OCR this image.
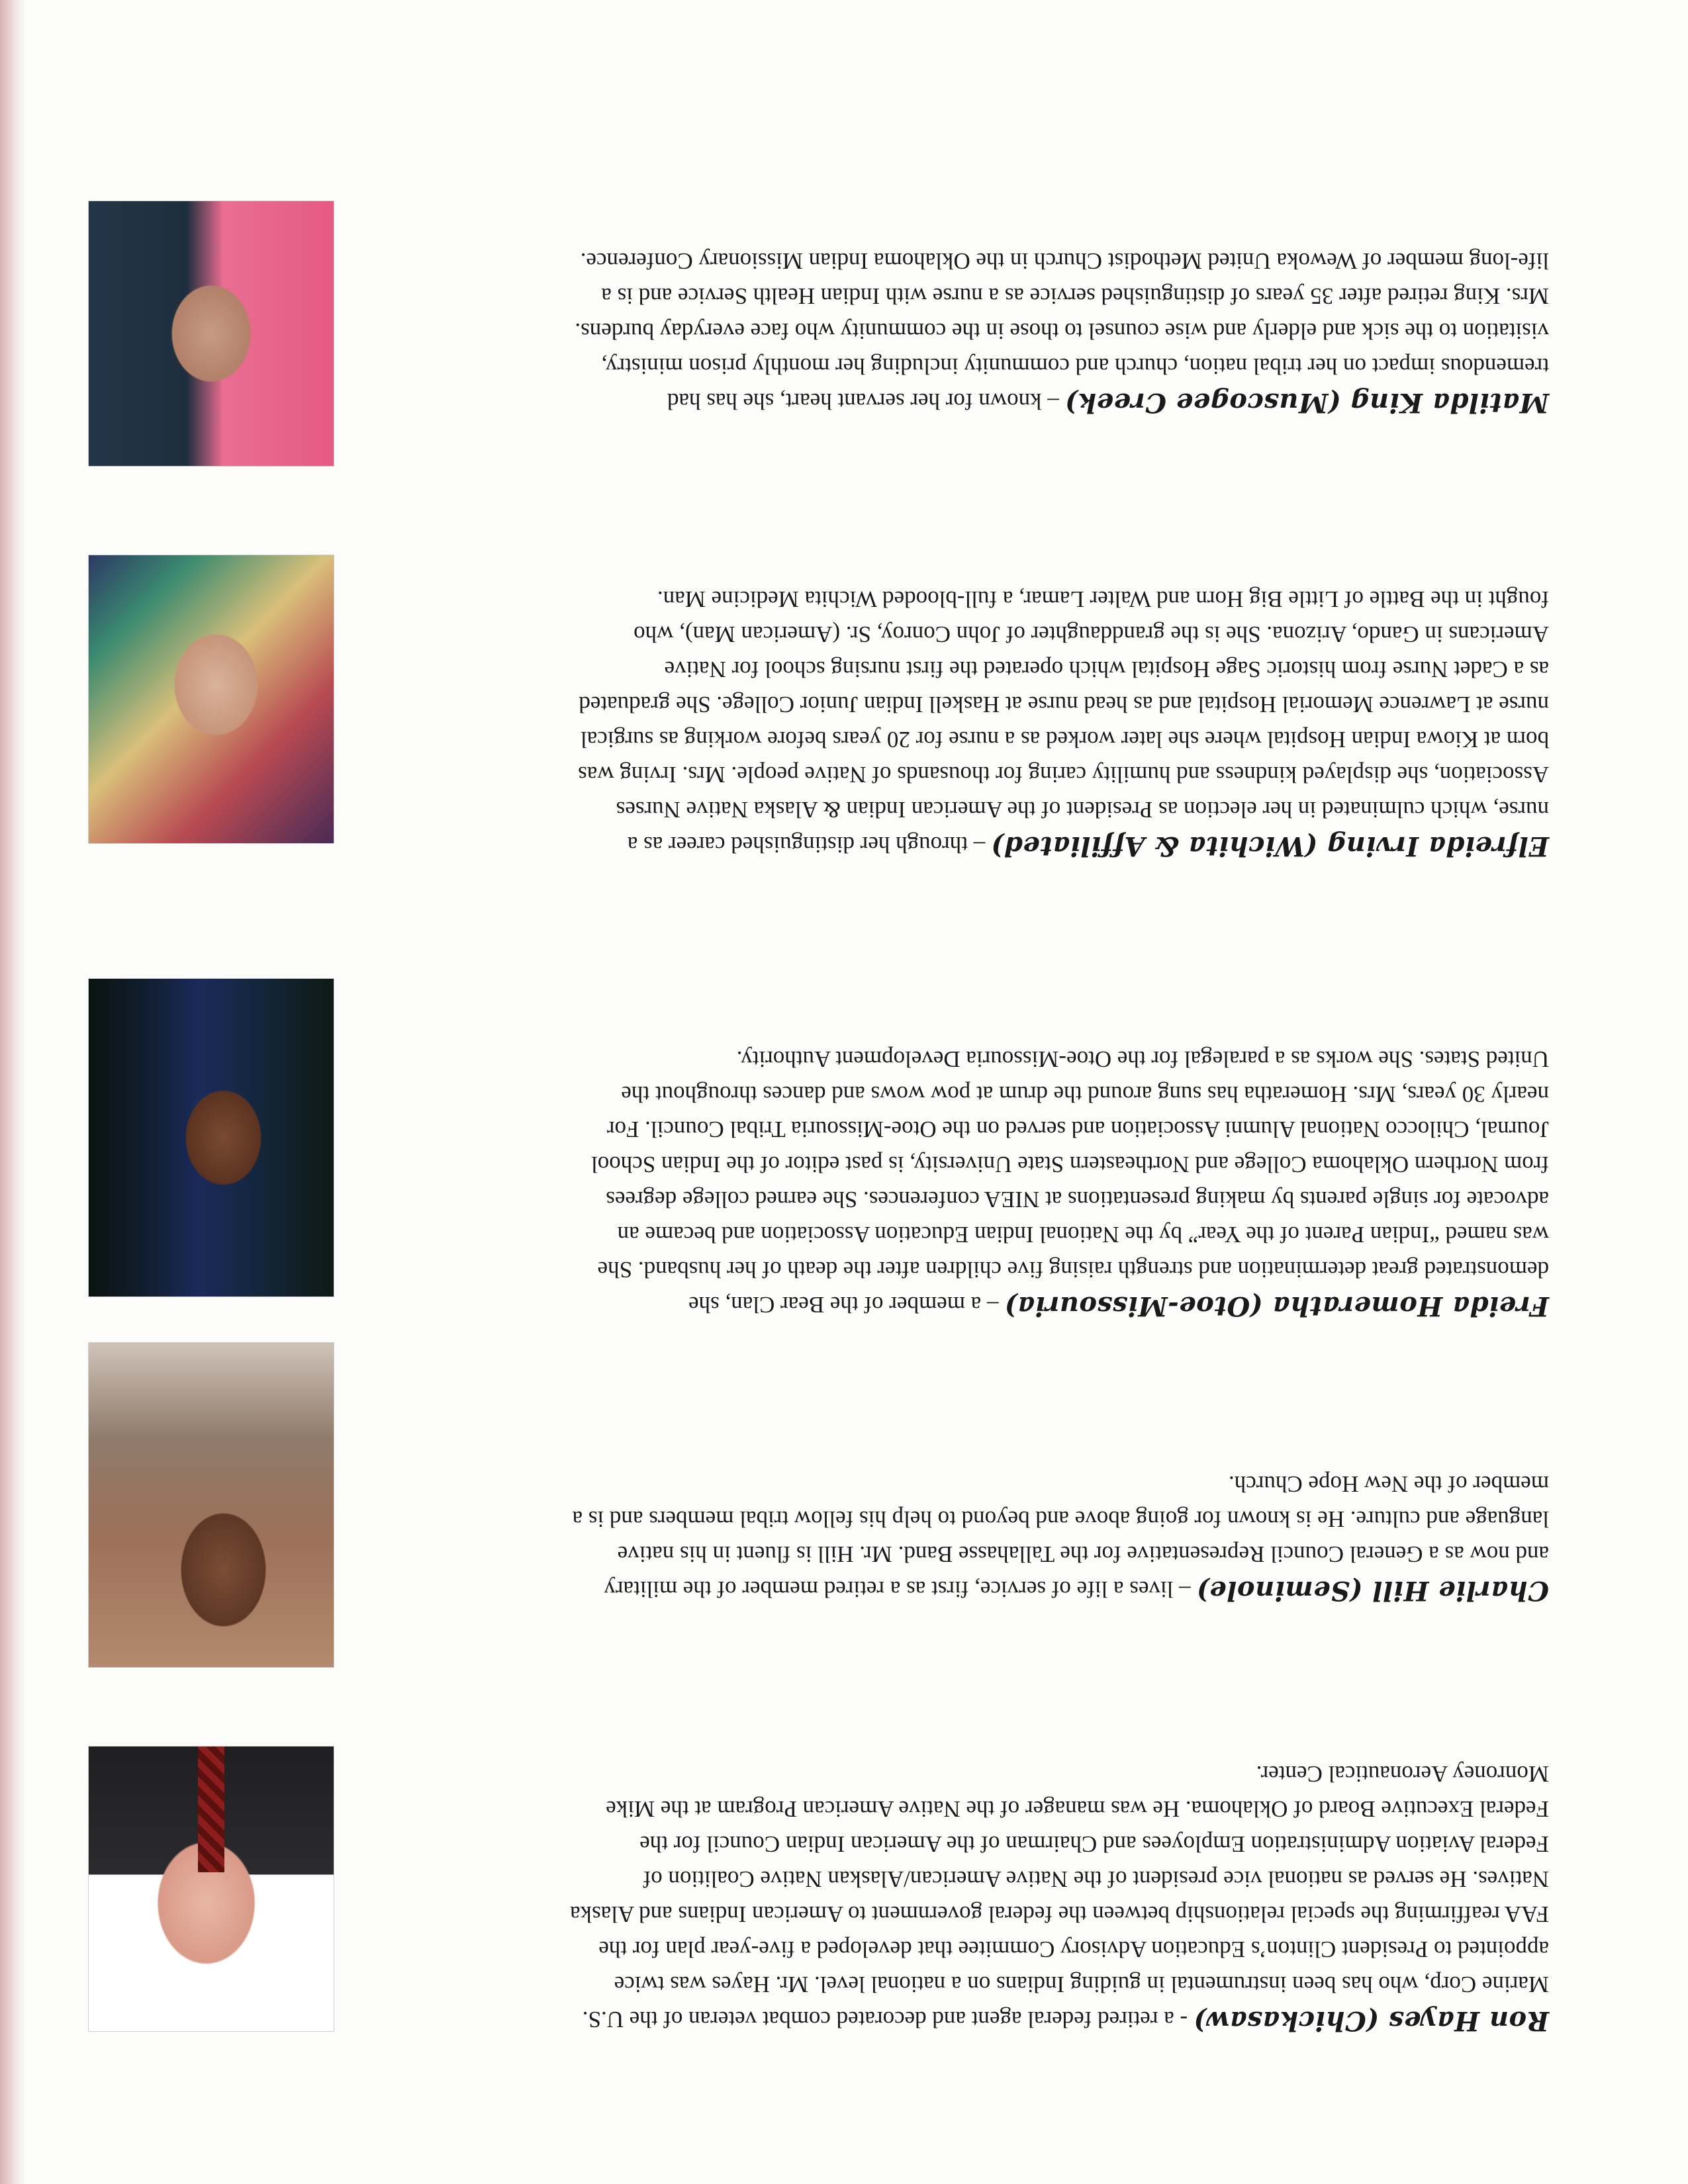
Ron Hayes (Chickasaw) - a retired federal agent and decorated combat veteran of the U.S. Marine Corp, who has been instrumental in guiding Indians on a national level. Mr. Hayes was twice appointed to President Clinton’s Education Advisory Commitee that developed a five-year plan for the FAA reaffirming the special relationship between the federal government to American Indians and Alaska Natives. He served as national vice president of the Native American/Alaskan Native Coalition of Federal Aviation Administration Employees and Chairman of the American Indian Council for the Federal Executive Board of Oklahoma. He was manager of the Native American Program at the Mike Monroney Aeronautical Center.

Charlie Hill (Seminole) – lives a life of service, first as a retired member of the military and now as a General Council Representative for the Tallahasse Band. Mr. Hill is fluent in his native language and culture. He is known for going above and beyond to help his fellow tribal members and is a member of the New Hope Church.

Freida Homeratha (Otoe-Missouria) – a member of the Bear Clan, she demonstrated great determination and strength raising five children after the death of her husband. She was named “Indian Parent of the Year” by the National Indian Education Association and became an advocate for single parents by making presentations at NIEA conferences. She earned college degrees from Northern Oklahoma College and Northeastern State University, is past editor of the Indian School Journal, Chilocco National Alumni Association and served on the Otoe-Missouria Tribal Council. For nearly 30 years, Mrs. Homeratha has sung around the drum at pow wows and dances throughout the United States. She works as a paralegal for the Otoe-Missouria Development Authority.

Elfreida Irving (Wichita & Affiliated) – through her distinguished career as a nurse, which culminated in her election as President of the American Indian & Alaska Native Nurses Association, she displayed kindness and humility caring for thousands of Native people. Mrs. Irving was born at Kiowa Indian Hospital where she later worked as a nurse for 20 years before working as surgical nurse at Lawrence Memorial Hospital and as head nurse at Haskell Indian Junior College. She graduated as a Cadet Nurse from historic Sage Hospital which operated the first nursing school for Native Americans in Gando, Arizona. She is the granddaughter of John Conroy, Sr. (American Man), who fought in the Battle of Little Big Horn and Walter Lamar, a full-blooded Wichita Medicine Man.

Matilda King (Muscogee Creek) – known for her servant heart, she has had tremendous impact on her tribal nation, church and community including her monthly prison ministry, visitation to the sick and elderly and wise counsel to those in the community who face everyday burdens. Mrs. King retired after 35 years of distinguished service as a nurse with Indian Health Service and is a life-long member of Wewoka United Methodist Church in the Oklahoma Indian Missionary Conference.
